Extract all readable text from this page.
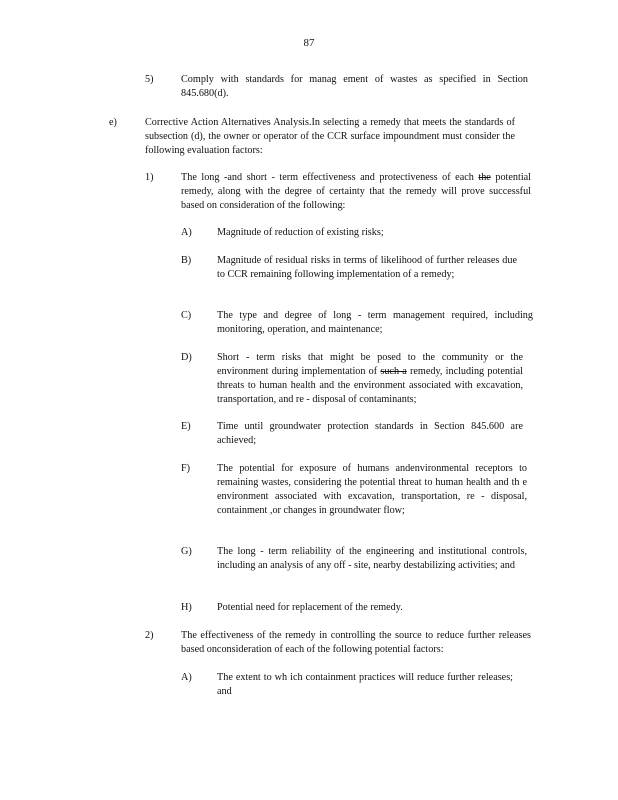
87
5)	Comply with standards for manag ement of wastes as specified in Section 845.680(d).
e)	Corrective Action Alternatives Analysis.In selecting a remedy that meets the standards of subsection (d), the owner or operator of the CCR surface impoundment must consider the following evaluation factors:
1)	The long -and short - term effectiveness and protectiveness of each the potential remedy, along with the degree of certainty that the remedy will prove successful based on consideration of the following:
A) Magnitude of reduction of existing risks;
B)	Magnitude of residual risks in terms of likelihood of further releases due to CCR remaining following implementation of a remedy;
C)	The type and degree of long - term management required, including monitoring, operation, and maintenance;
D) Short - term risks that might be posed to the community or the environment during implementation of such a remedy, including potential threats to human health and the environment associated with excavation, transportation, and re - disposal of contaminants;
E)	Time until groundwater protection standards in Section 845.600 are achieved;
F)	The potential for exposure of humans andenvironmental receptors to remaining wastes, considering the potential threat to human health and th e environment associated with excavation, transportation, re - disposal, containment ,or changes in groundwater flow;
G) The long - term reliability of the engineering and institutional controls, including an analysis of any off - site, nearby destabilizing activities; and
H) Potential need for replacement of the remedy.
2)	The effectiveness of the remedy in controlling the source to reduce further releases based onconsideration of each of the following potential factors:
A) The extent to wh ich containment practices will reduce further releases; and
